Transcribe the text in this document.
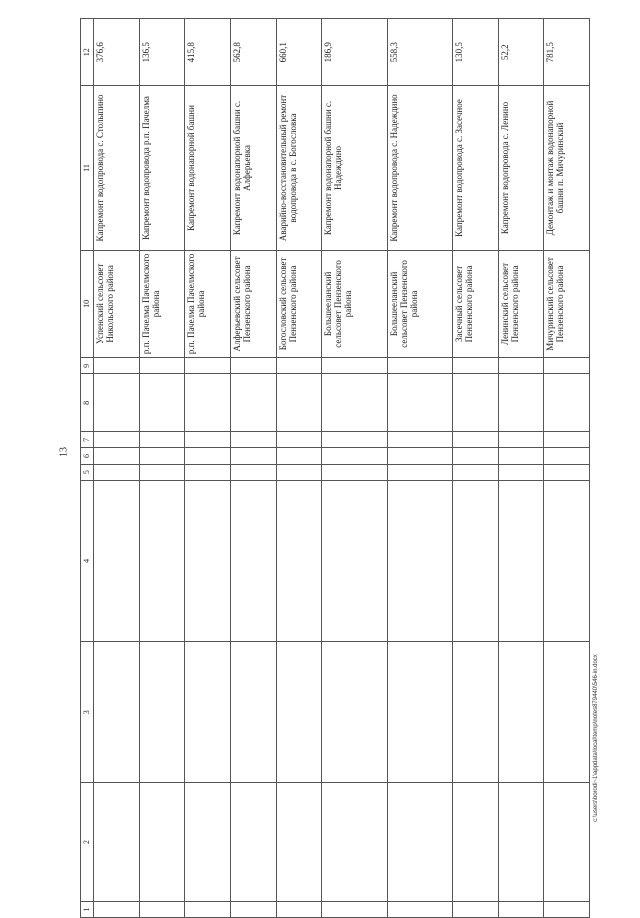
13
c:\users\borodi~1\appdata\local\temp\notes879440\546-in.docx
1	2	3	4	5	6	7	8	9	10	11	12
									Успенский сельсовет Никольского района	Капремонт водопровода с. Столыпино	376,6
									р.п. Пачелма Пачелмского района	Капремонт водопровода р.п. Пачелма	136,5
									р.п. Пачелма Пачелмского района	Капремонт водонапорной башни	415,8
									Алферьевский сельсовет Пензенского района	Капремонт водонапорной башни с. Алферьевка	562,8
									Богословский сельсовет Пензенского района	Аварийно-восстановительный ремонт водопровода в с. Богословка	660,1
									Большееланский сельсовет Пензенского района	Капремонт водонапорной башни с. Надеждино	186,9
									Большееланский сельсовет Пензенского района	Капремонт водопровода с. Надеждино	558,3
									Засечный сельсовет Пензенского района	Капремонт водопровода с. Засечное	130,5
									Ленинский сельсовет Пензенского района	Капремонт водопровода с. Ленино	52,2
									Мичуринский сельсовет Пензенского района	Демонтаж и монтаж водонапорной башни п. Мичуринский	781,5
